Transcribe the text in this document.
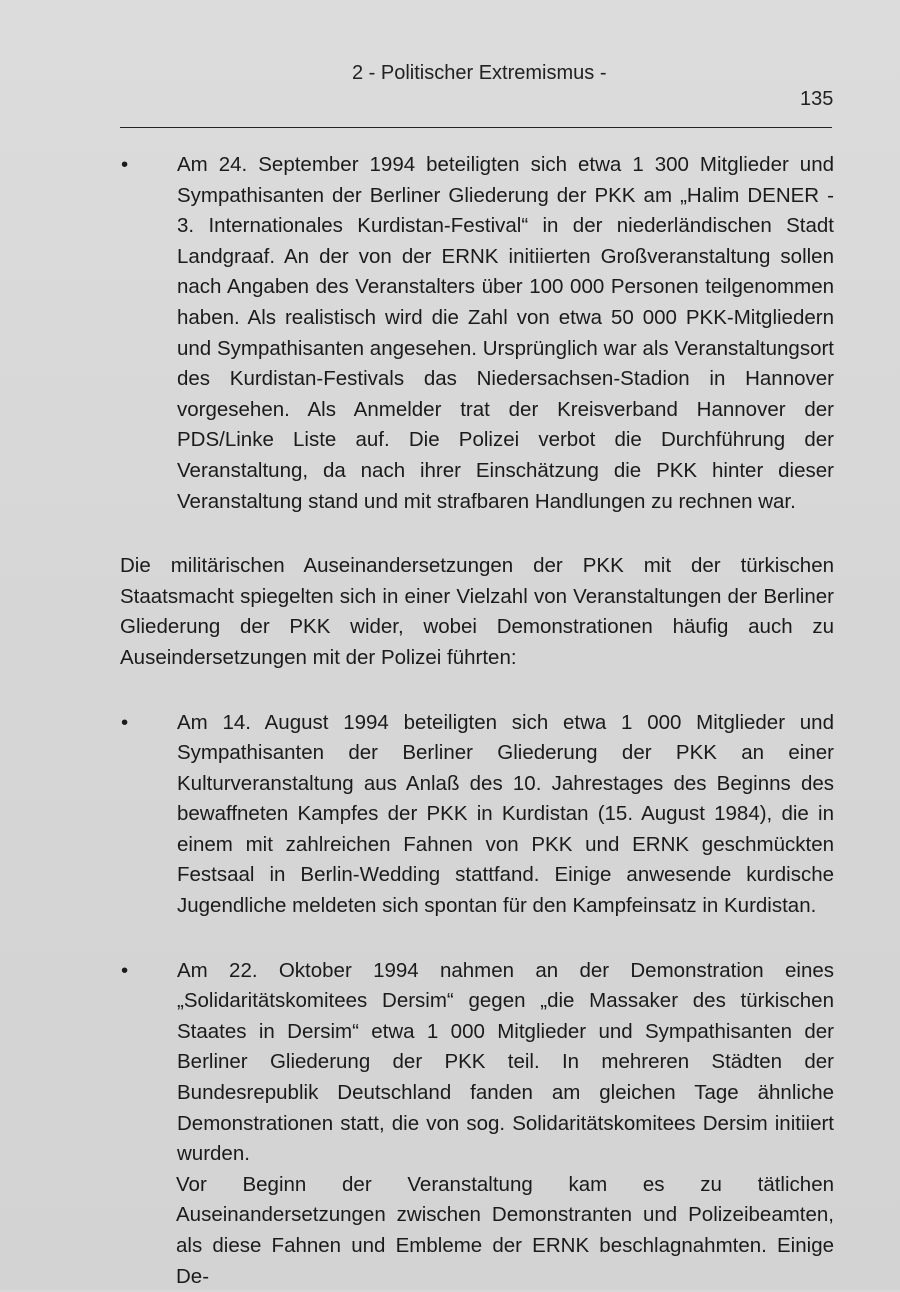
2 - Politischer Extremismus -
135
•	Am 24. September 1994 beteiligten sich etwa 1 300 Mitglieder und Sympathisanten der Berliner Gliederung der PKK am „Halim DENER - 3. Internationales Kurdistan-Festival“ in der niederländischen Stadt Landgraaf. An der von der ERNK initiierten Großveranstaltung sollen nach Angaben des Veranstalters über 100 000 Personen teilgenommen haben. Als realistisch wird die Zahl von etwa 50 000 PKK-Mitgliedern und Sympathisanten angesehen. Ursprünglich war als Veranstaltungsort des Kurdistan-Festivals das Niedersachsen-Stadion in Hannover vorgesehen. Als Anmelder trat der Kreisverband Hannover der PDS/Linke Liste auf. Die Polizei verbot die Durchführung der Veranstaltung, da nach ihrer Einschätzung die PKK hinter dieser Veranstaltung stand und mit strafbaren Handlungen zu rechnen war.
Die militärischen Auseinandersetzungen der PKK mit der türkischen Staatsmacht spiegelten sich in einer Vielzahl von Veranstaltungen der Berliner Gliederung der PKK wider, wobei Demonstrationen häufig auch zu Auseindersetzungen mit der Polizei führten:
•	Am 14. August 1994 beteiligten sich etwa 1 000 Mitglieder und Sympathisanten der Berliner Gliederung der PKK an einer Kulturveranstaltung aus Anlaß des 10. Jahrestages des Beginns des bewaffneten Kampfes der PKK in Kurdistan (15. August 1984), die in einem mit zahlreichen Fahnen von PKK und ERNK geschmückten Festsaal in Berlin-Wedding stattfand. Einige anwesende kurdische Jugendliche meldeten sich spontan für den Kampfeinsatz in Kurdistan.
•	Am 22. Oktober 1994 nahmen an der Demonstration eines „Solidaritätskomitees Dersim“ gegen „die Massaker des türkischen Staates in Dersim“ etwa 1 000 Mitglieder und Sympathisanten der Berliner Gliederung der PKK teil. In mehreren Städten der Bundesrepublik Deutschland fanden am gleichen Tage ähnliche Demonstrationen statt, die von sog. Solidaritätskomitees Dersim initiiert wurden.
Vor Beginn der Veranstaltung kam es zu tätlichen Auseinandersetzungen zwischen Demonstranten und Polizeibeamten, als diese Fahnen und Embleme der ERNK beschlagnahmten. Einige De-
